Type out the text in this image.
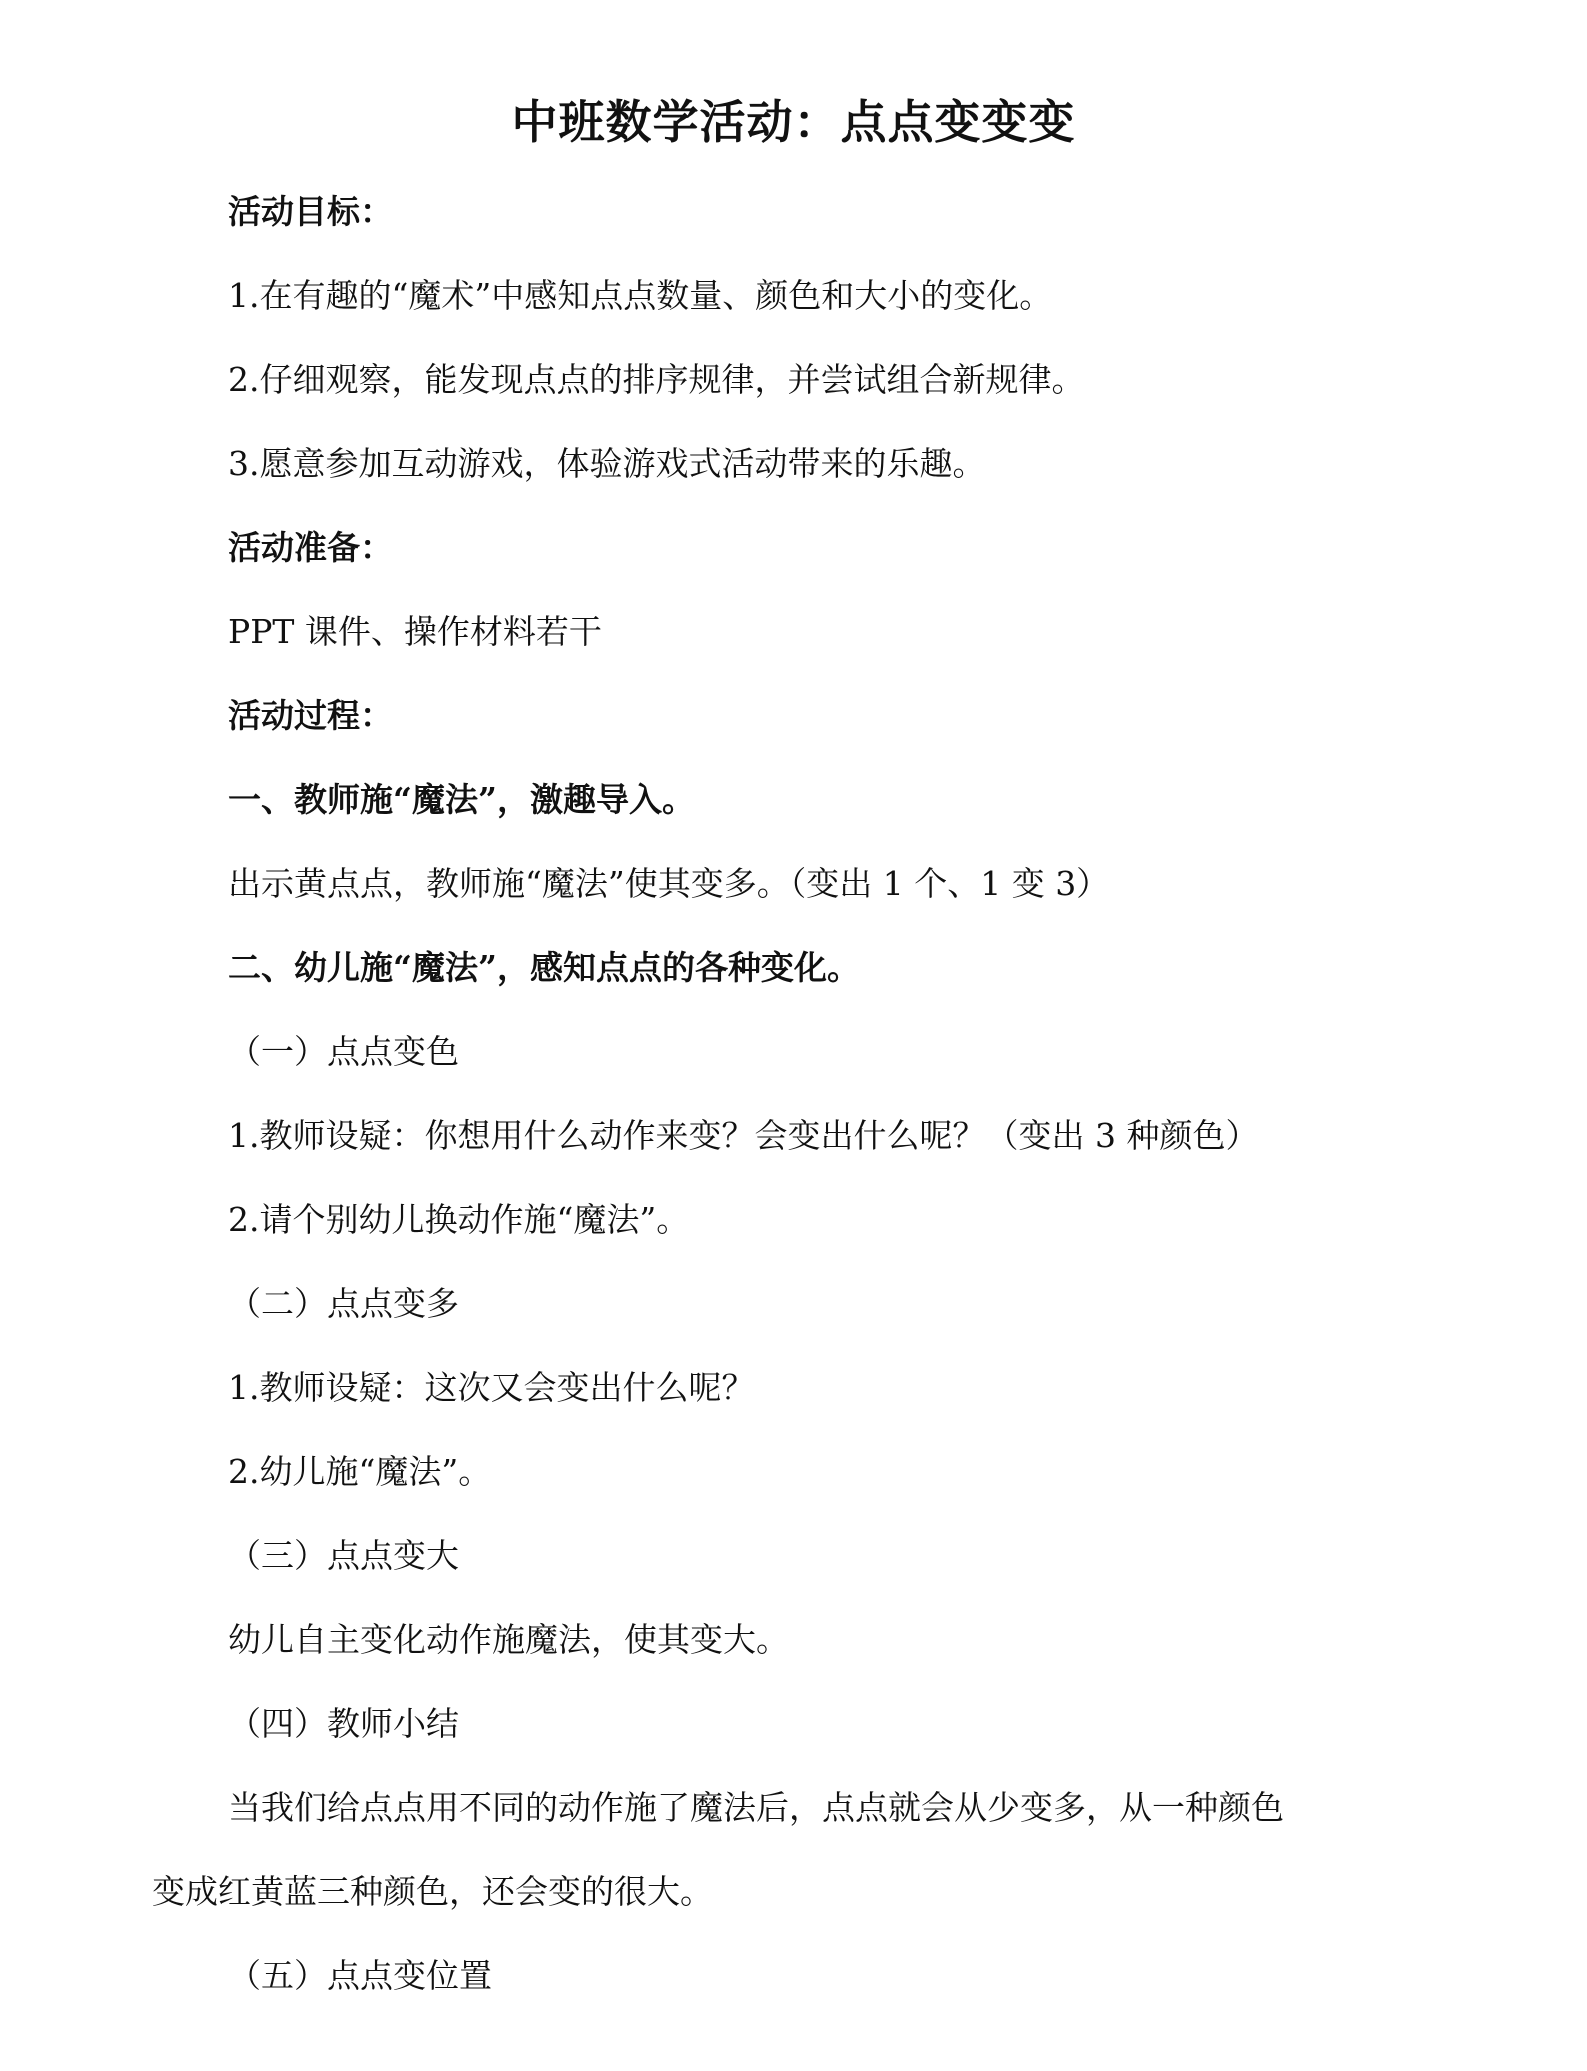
中班数学活动：点点变变变
活动目标：
1.在有趣的“魔术”中感知点点数量、颜色和大小的变化。
2.仔细观察，能发现点点的排序规律，并尝试组合新规律。
3.愿意参加互动游戏，体验游戏式活动带来的乐趣。
活动准备：
PPT 课件、操作材料若干
活动过程：
一、教师施“魔法”，激趣导入。
出示黄点点，教师施“魔法”使其变多。（变出 1 个、1 变 3）
二、幼儿施“魔法”，感知点点的各种变化。
（一）点点变色
1.教师设疑：你想用什么动作来变？会变出什么呢？（变出 3 种颜色）
2.请个别幼儿换动作施“魔法”。
（二）点点变多
1.教师设疑：这次又会变出什么呢？
2.幼儿施“魔法”。
（三）点点变大
幼儿自主变化动作施魔法，使其变大。
（四）教师小结
当我们给点点用不同的动作施了魔法后，点点就会从少变多，从一种颜色
变成红黄蓝三种颜色，还会变的很大。
（五）点点变位置
